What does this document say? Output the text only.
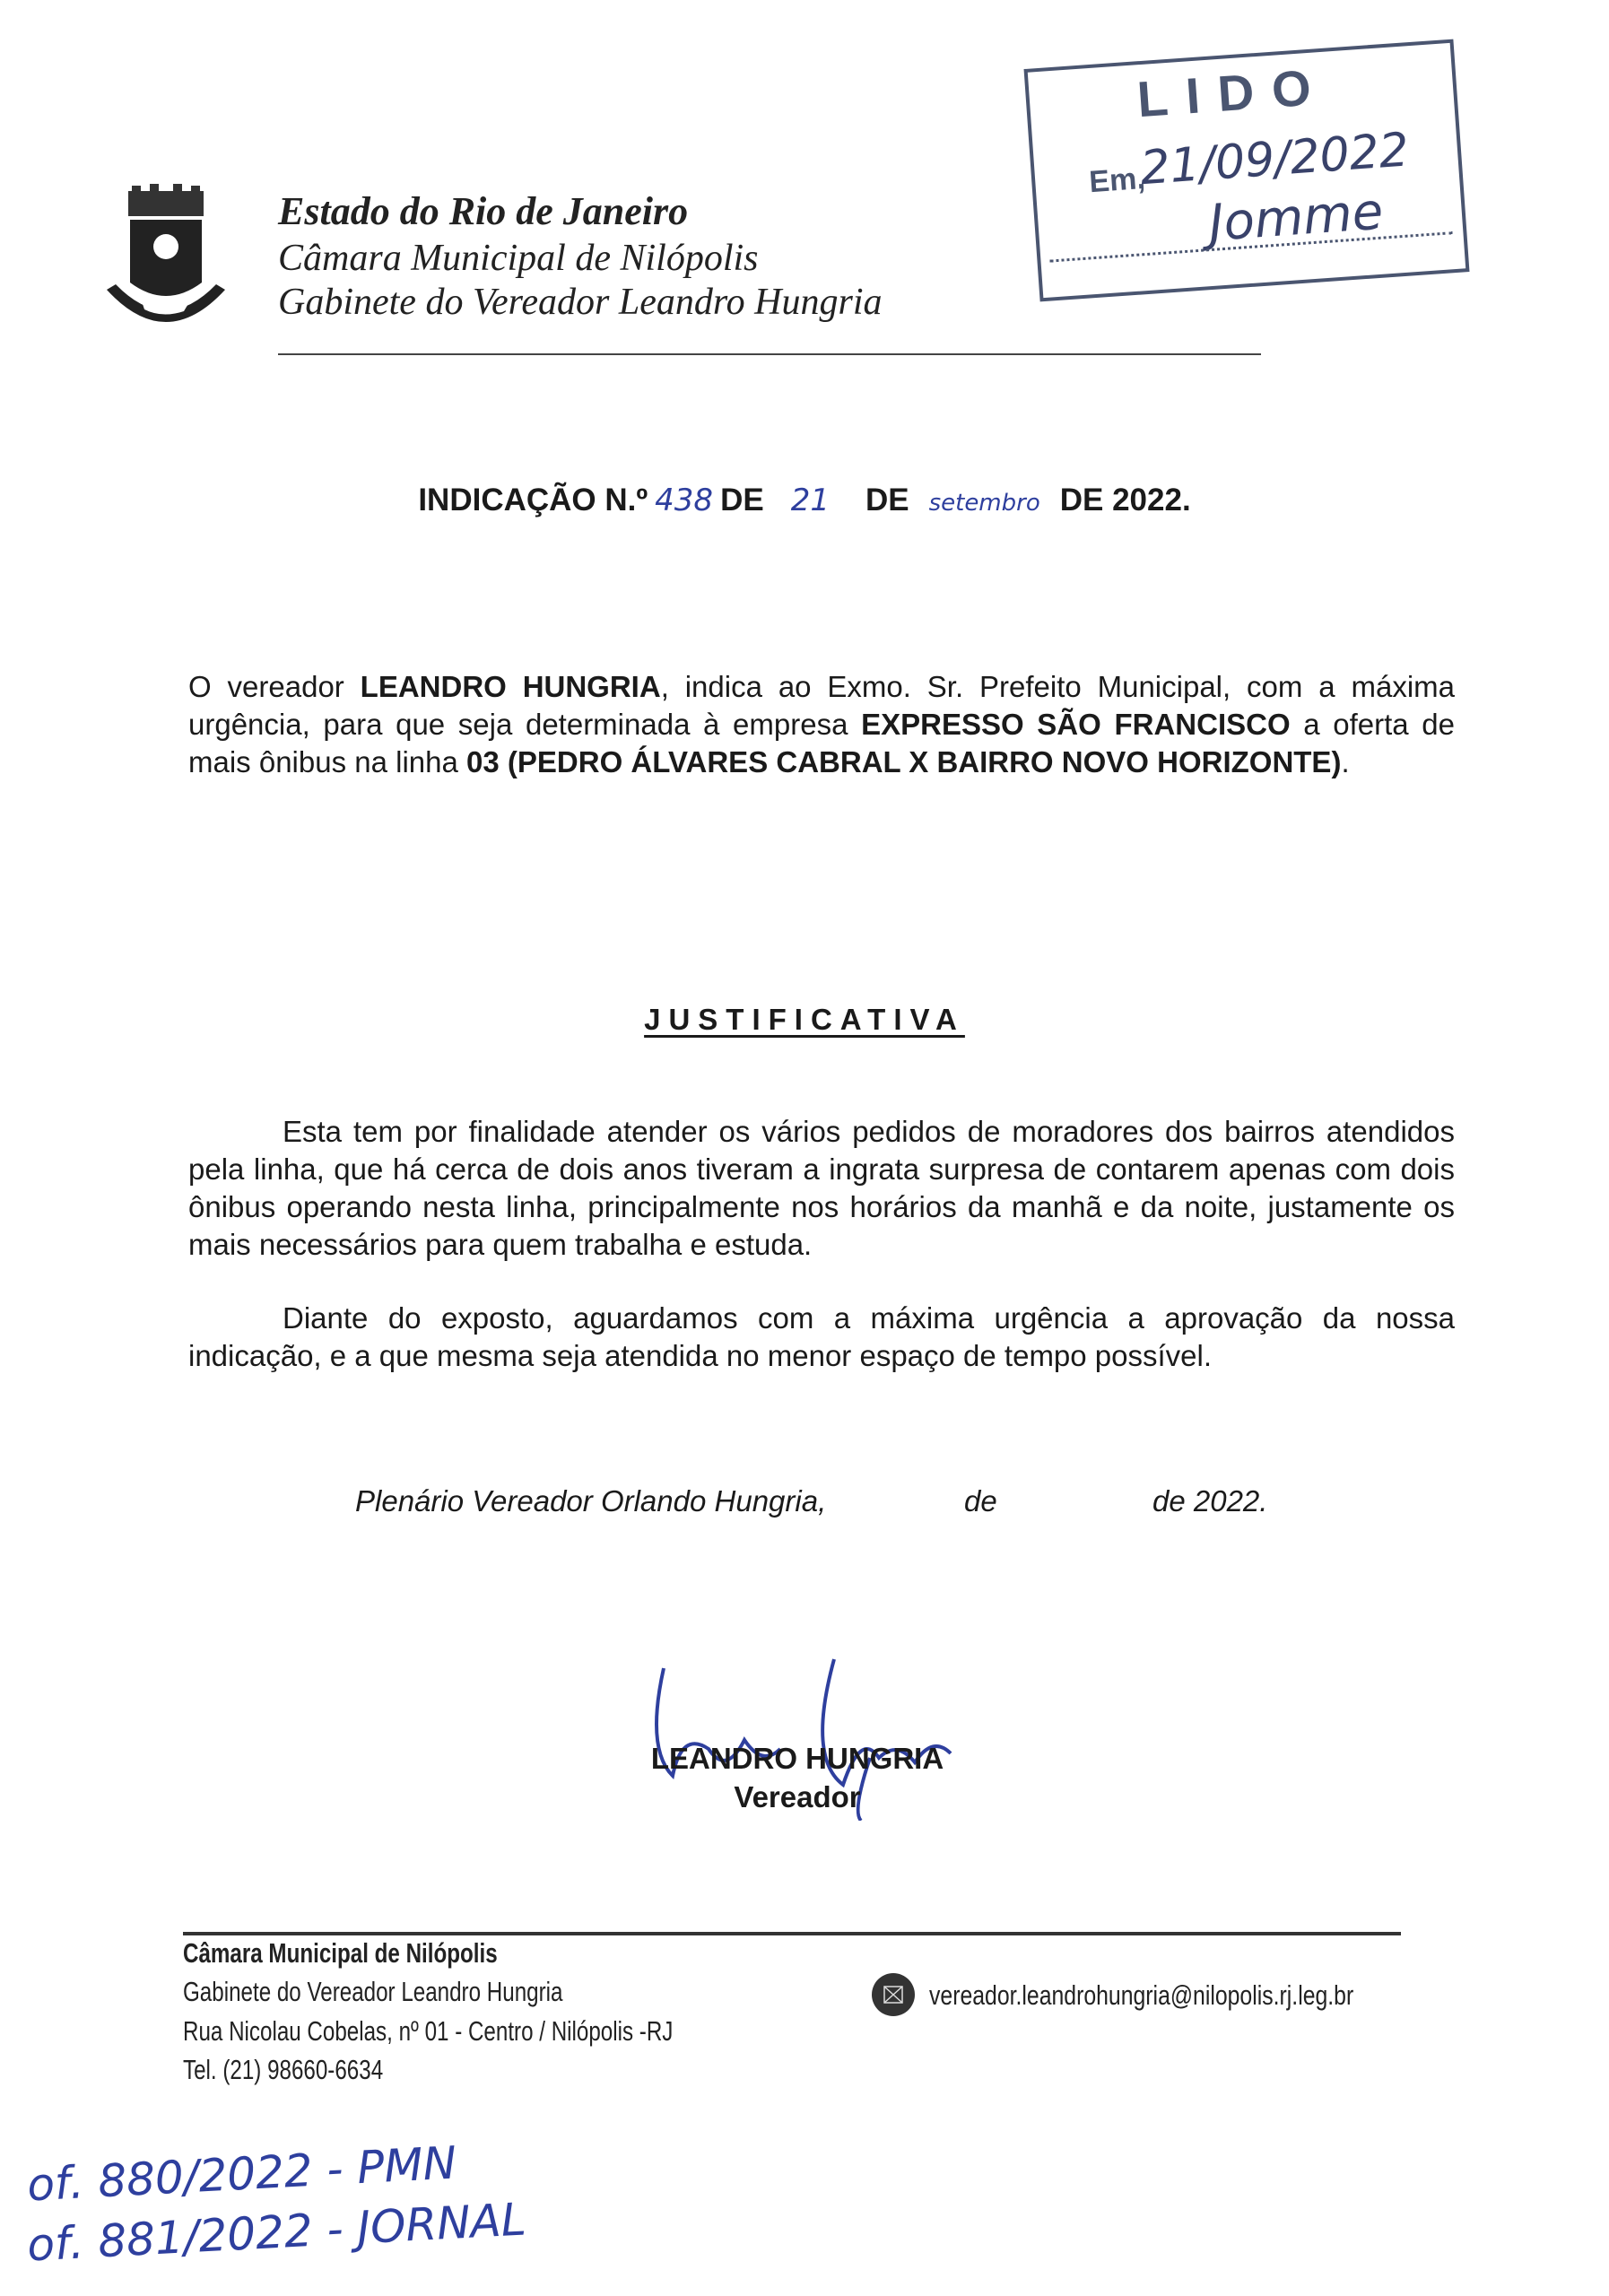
Estado do Rio de Janeiro
Câmara Municipal de Nilópolis
Gabinete do Vereador Leandro Hungria
LIDO
Em,
21/09/2022
Jomme
INDICAÇÃO N.º 438 DE 21 DE setembro DE 2022.
O vereador LEANDRO HUNGRIA, indica ao Exmo. Sr. Prefeito Municipal, com a máxima urgência, para que seja determinada à empresa EXPRESSO SÃO FRANCISCO a oferta de mais ônibus na linha 03 (PEDRO ÁLVARES CABRAL X BAIRRO NOVO HORIZONTE).
JUSTIFICATIVA
Esta tem por finalidade atender os vários pedidos de moradores dos bairros atendidos pela linha, que há cerca de dois anos tiveram a ingrata surpresa de contarem apenas com dois ônibus operando nesta linha, principalmente nos horários da manhã e da noite, justamente os mais necessários para quem trabalha e estuda.
Diante do exposto, aguardamos com a máxima urgência a aprovação da nossa indicação, e a que mesma seja atendida no menor espaço de tempo possível.
Plenário Vereador Orlando Hungria,	de	de 2022.
LEANDRO HUNGRIA
Vereador
Câmara Municipal de Nilópolis
Gabinete do Vereador Leandro Hungria
Rua Nicolau Cobelas, nº 01 - Centro / Nilópolis -RJ
Tel. (21) 98660-6634
vereador.leandrohungria@nilopolis.rj.leg.br
of. 880/2022 - PMN
of. 881/2022 - JORNAL
